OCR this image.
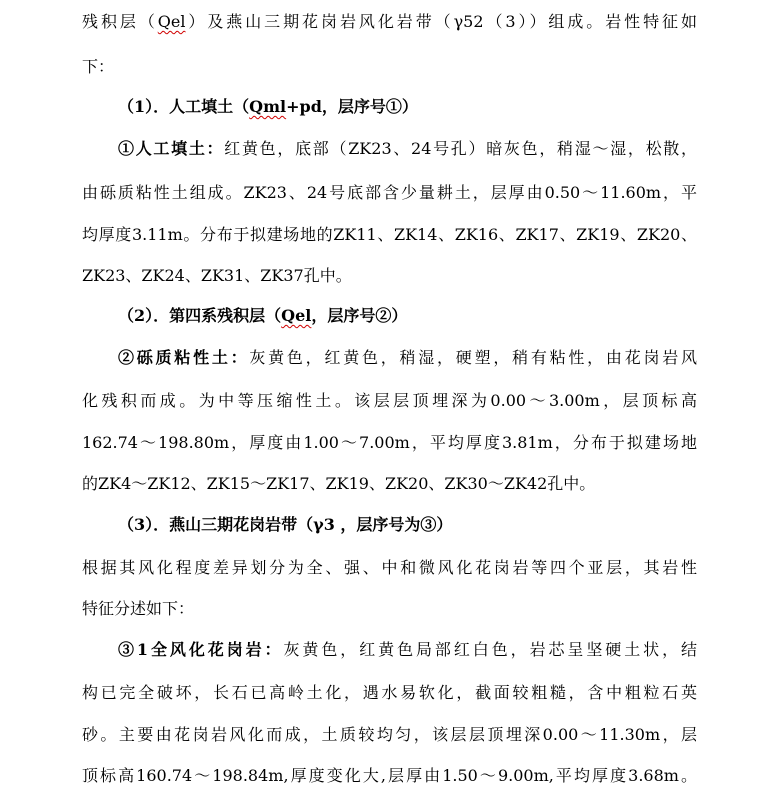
残积层（Qel）及燕山三期花岗岩风化岩带（γ52（3））组成。岩性特征如
下：
（1）．人工填土（Qml+pd，层序号①）
①人工填土：红黄色，底部（ZK23、24号孔）暗灰色，稍湿～湿，松散，
由砾质粘性土组成。ZK23、24号底部含少量耕土，层厚由0.50～11.60m，平
均厚度3.11m。分布于拟建场地的ZK11、ZK14、ZK16、ZK17、ZK19、ZK20、
ZK23、ZK24、ZK31、ZK37孔中。
（2）．第四系残积层（Qel，层序号②）
②砾质粘性土：灰黄色，红黄色，稍湿，硬塑，稍有粘性，由花岗岩风
化残积而成。为中等压缩性土。该层层顶埋深为0.00～3.00m，层顶标高
162.74～198.80m，厚度由1.00～7.00m，平均厚度3.81m，分布于拟建场地
的ZK4～ZK12、ZK15～ZK17、ZK19、ZK20、ZK30～ZK42孔中。
（3）．燕山三期花岗岩带（γ3 ，层序号为③）
根据其风化程度差异划分为全、强、中和微风化花岗岩等四个亚层，其岩性
特征分述如下：
③1全风化花岗岩：灰黄色，红黄色局部红白色，岩芯呈坚硬土状，结
构已完全破坏，长石已高岭土化，遇水易软化，截面较粗糙，含中粗粒石英
砂。主要由花岗岩风化而成，土质较均匀，该层层顶埋深0.00～11.30m，层
顶标高160.74～198.84m,厚度变化大,层厚由1.50～9.00m,平均厚度3.68m。
